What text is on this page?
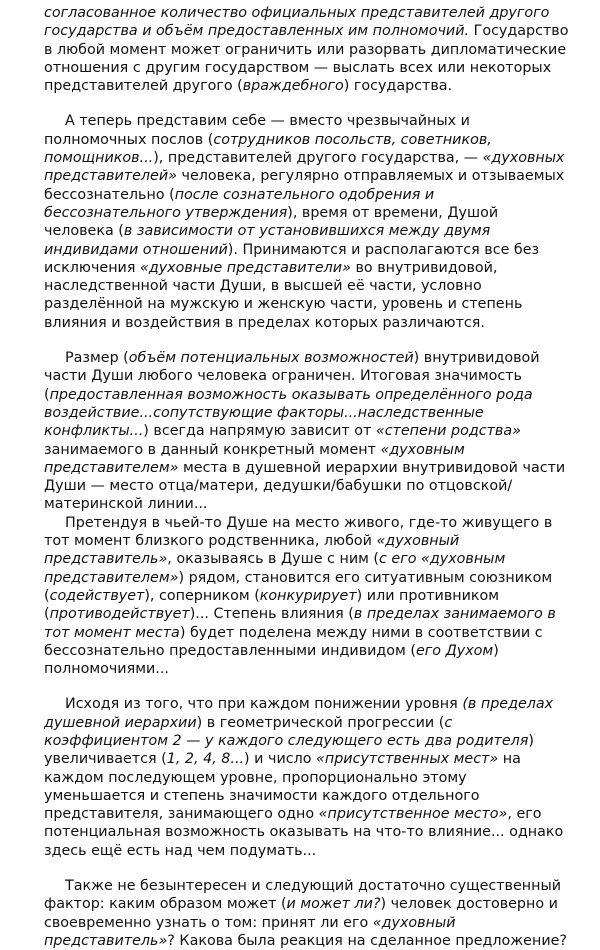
согласованное количество официальных представителей другого государства и объём предоставленных им полномочий. Государство в любой момент может ограничить или разорвать дипломатические отношения с другим государством — выслать всех или некоторых представителей другого (враждебного) государства.

А теперь представим себе — вместо чрезвычайных и полномочных послов (сотрудников посольств, советников, помощников...), представителей другого государства, — «духовных представителей» человека, регулярно отправляемых и отзываемых бессознательно (после сознательного одобрения и бессознательного утверждения), время от времени, Душой человека (в зависимости от установившихся между двумя индивидами отношений). Принимаются и располагаются все без исключения «духовные представители» во внутривидовой, наследственной части Души, в высшей её части, условно разделённой на мужскую и женскую части, уровень и степень влияния и воздействия в пределах которых различаются.

Размер (объём потенциальных возможностей) внутривидовой части Души любого человека ограничен. Итоговая значимость (предоставленная возможность оказывать определённого рода воздействие...сопутствующие факторы...наследственные конфликты...) всегда напрямую зависит от «степени родства» занимаемого в данный конкретный момент «духовным представителем» места в душевной иерархии внутривидовой части Души — место отца/матери, дедушки/бабушки по отцовской/материнской линии...

Претендуя в чьей-то Душе на место живого, где-то живущего в тот момент близкого родственника, любой «духовный представитель», оказываясь в Душе с ним (с его «духовным представителем») рядом, становится его ситуативным союзником (содействует), соперником (конкурирует) или противником (противодействует)... Степень влияния (в пределах занимаемого в тот момент места) будет поделена между ними в соответствии с бессознательно предоставленными индивидом (его Духом) полномочиями...

Исходя из того, что при каждом понижении уровня (в пределах душевной иерархии) в геометрической прогрессии (с коэффициентом 2 — у каждого следующего есть два родителя) увеличивается (1, 2, 4, 8...) и число «присутственных мест» на каждом последующем уровне, пропорционально этому уменьшается и степень значимости каждого отдельного представителя, занимающего одно «присутственное место», его потенциальная возможность оказывать на что-то влияние... однако здесь ещё есть над чем подумать...

Также не безынтересен и следующий достаточно существенный фактор: каким образом может (и может ли?) человек достоверно и своевременно узнать о том: принят ли его «духовный представитель»? Какова была реакция на сделанное предложение?
